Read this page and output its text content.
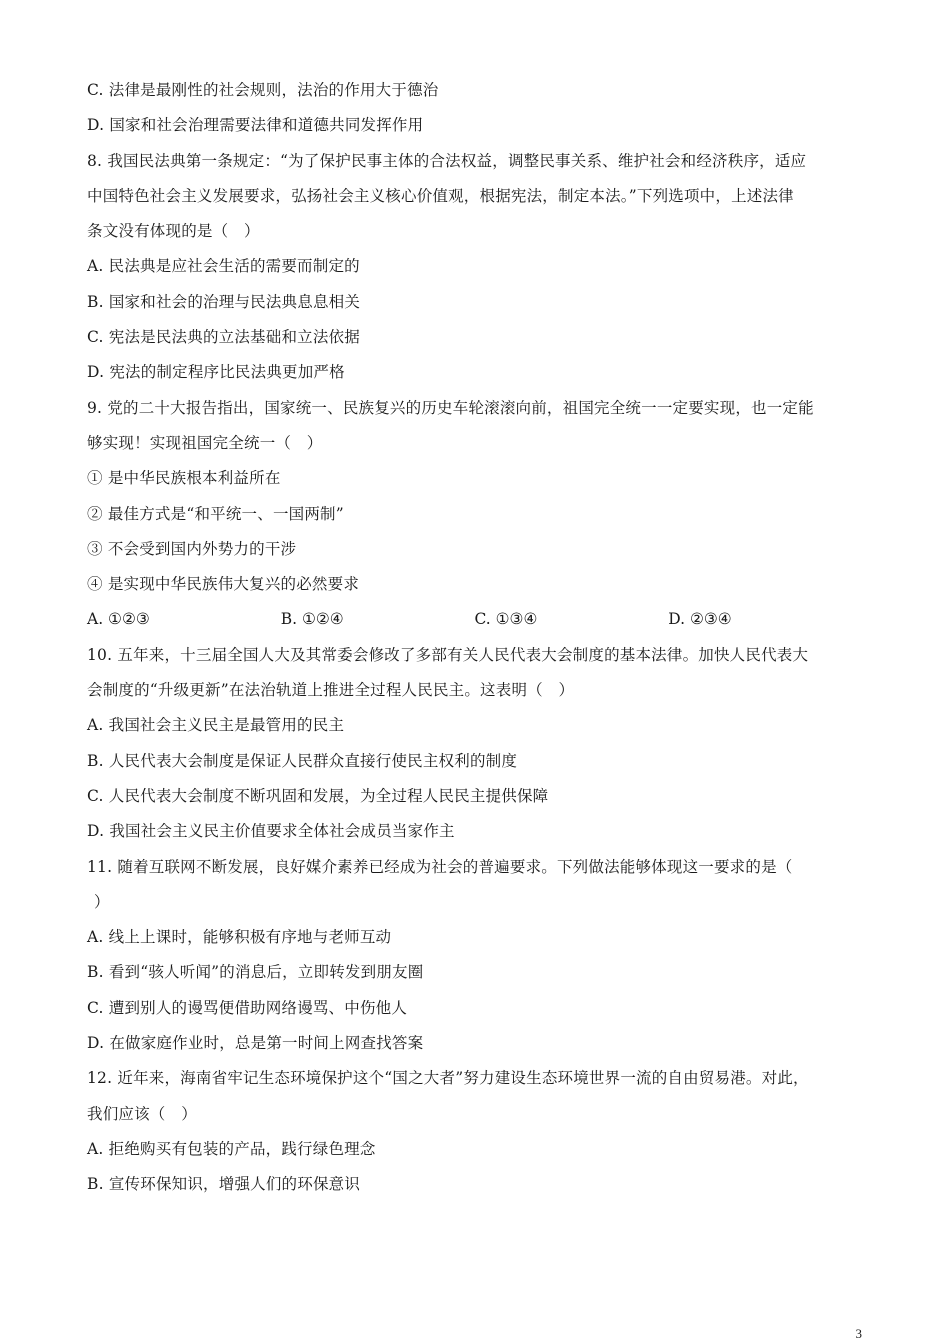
C. 法律是最刚性的社会规则，法治的作用大于德治
D. 国家和社会治理需要法律和道德共同发挥作用
8. 我国民法典第一条规定：“为了保护民事主体的合法权益，调整民事关系、维护社会和经济秩序，适应
中国特色社会主义发展要求，弘扬社会主义核心价值观，根据宪法，制定本法。”下列选项中，上述法律
条文没有体现的是（　）
A. 民法典是应社会生活的需要而制定的
B. 国家和社会的治理与民法典息息相关
C. 宪法是民法典的立法基础和立法依据
D. 宪法的制定程序比民法典更加严格
9. 党的二十大报告指出，国家统一、民族复兴的历史车轮滚滚向前，祖国完全统一一定要实现，也一定能
够实现！实现祖国完全统一（　）
① 是中华民族根本利益所在
② 最佳方式是“和平统一、一国两制”
③ 不会受到国内外势力的干涉
④ 是实现中华民族伟大复兴的必然要求
A. ①②③	B. ①②④	C. ①③④	D. ②③④
10. 五年来，十三届全国人大及其常委会修改了多部有关人民代表大会制度的基本法律。加快人民代表大
会制度的“升级更新”在法治轨道上推进全过程人民民主。这表明（　）
A. 我国社会主义民主是最管用的民主
B. 人民代表大会制度是保证人民群众直接行使民主权利的制度
C. 人民代表大会制度不断巩固和发展，为全过程人民民主提供保障
D. 我国社会主义民主价值要求全体社会成员当家作主
11. 随着互联网不断发展，良好媒介素养已经成为社会的普遍要求。下列做法能够体现这一要求的是（
）
A. 线上上课时，能够积极有序地与老师互动
B. 看到“骇人听闻”的消息后，立即转发到朋友圈
C. 遭到别人的谩骂便借助网络谩骂、中伤他人
D. 在做家庭作业时，总是第一时间上网查找答案
12. 近年来，海南省牢记生态环境保护这个“国之大者”努力建设生态环境世界一流的自由贸易港。对此，
我们应该（　）
A. 拒绝购买有包装的产品，践行绿色理念
B. 宣传环保知识，增强人们的环保意识
3
